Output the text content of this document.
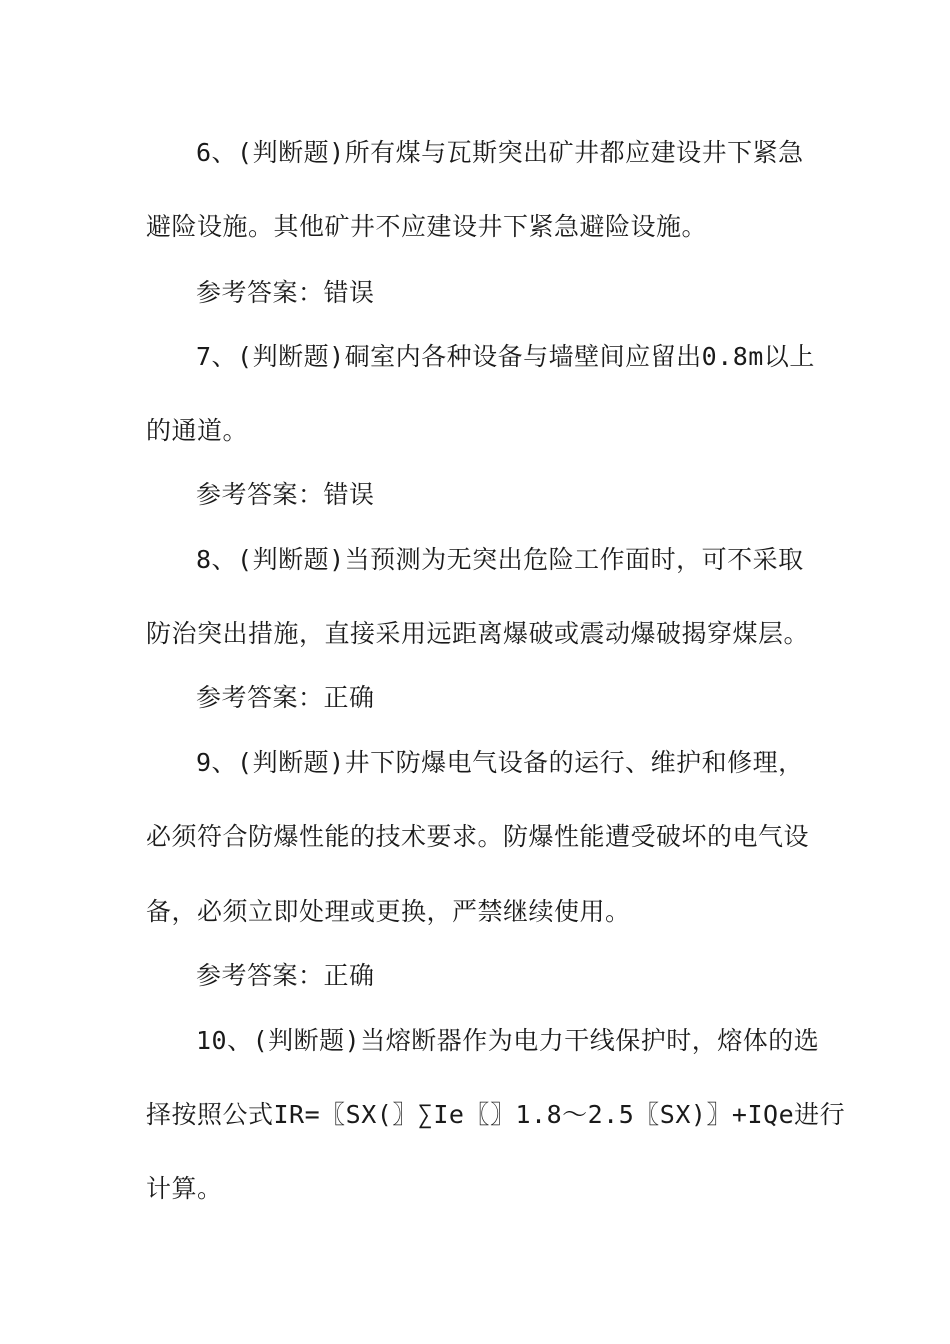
6、(判断题)所有煤与瓦斯突出矿井都应建设井下紧急
避险设施。其他矿井不应建设井下紧急避险设施。
参考答案：错误
7、(判断题)硐室内各种设备与墙壁间应留出0.8m以上
的通道。
参考答案：错误
8、(判断题)当预测为无突出危险工作面时，可不采取
防治突出措施，直接采用远距离爆破或震动爆破揭穿煤层。
参考答案：正确
9、(判断题)井下防爆电气设备的运行、维护和修理，
必须符合防爆性能的技术要求。防爆性能遭受破坏的电气设
备，必须立即处理或更换，严禁继续使用。
参考答案：正确
10、(判断题)当熔断器作为电力干线保护时，熔体的选
择按照公式IR=〖SX(〗∑Ie〖〗1.8～2.5〖SX)〗+IQe进行
计算。
